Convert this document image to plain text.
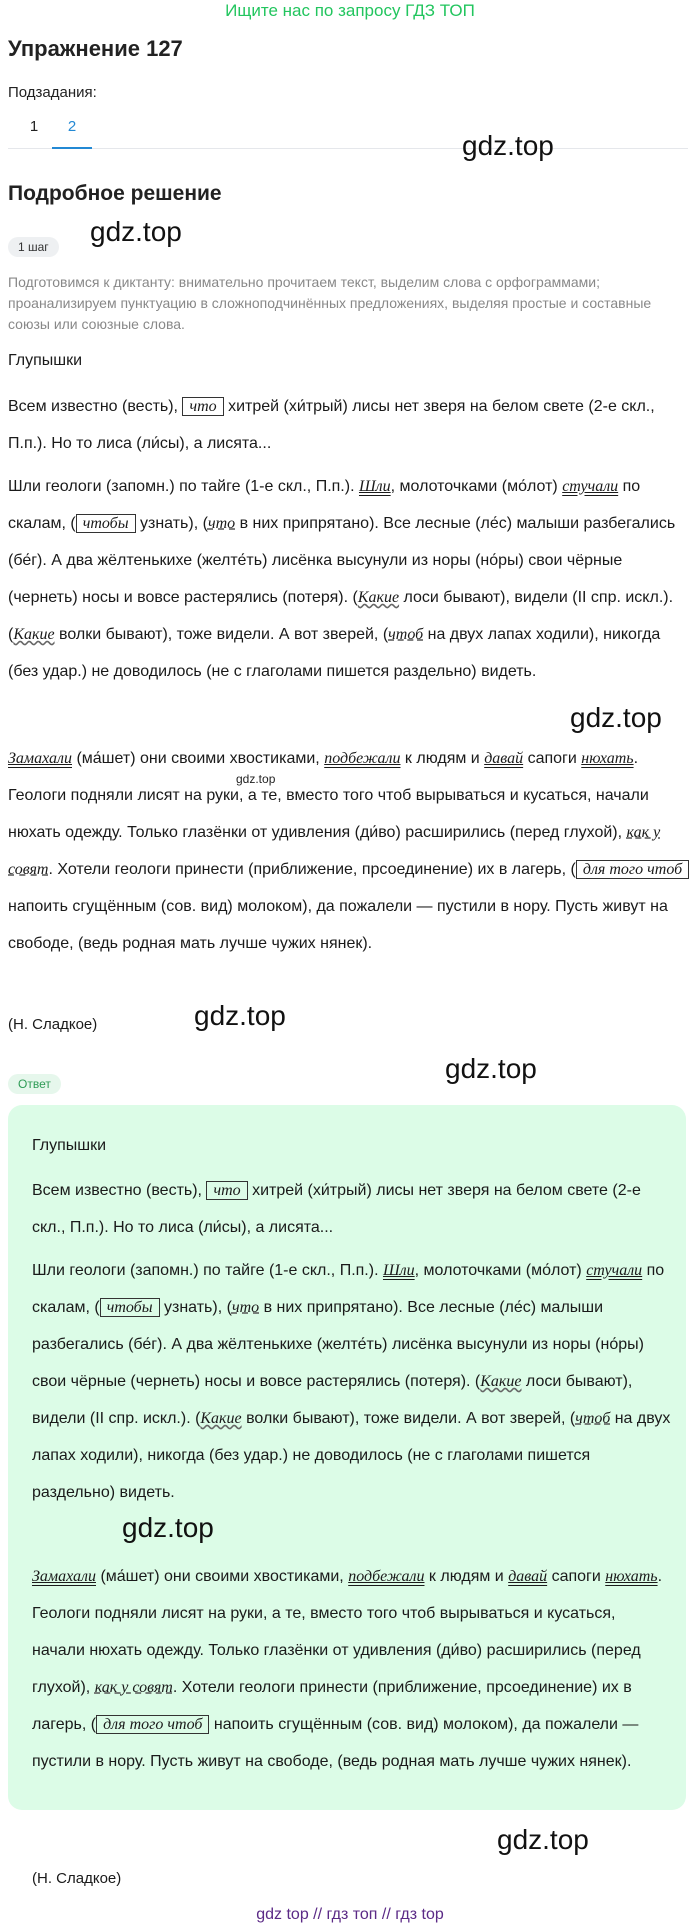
Ищите нас по запросу ГДЗ ТОП
Упражнение 127
Подзадания:
1	2
gdz.top
Подробное решение
1 шаг	gdz.top
Подготовимся к диктанту: внимательно прочитаем текст, выделим слова с орфограммами; проанализируем пунктуацию в сложноподчинённых предложениях, выделяя простые и составные союзы или союзные слова.
Глупышки
Всем известно (весть), что хитрей (хи́трый) лисы нет зверя на белом свете (2-е скл., П.п.). Но то лиса (ли́сы), а лисята...
Шли геологи (запомн.) по тайге (1-е скл., П.п.). Шли, молоточками (мо́лот) стучали по скалам, ( чтобы узнать), (что в них припрятано). Все лесные (ле́с) малыши разбегались (бе́г). А два жёлтенькихе (желте́ть) лисёнка высунули из норы (но́ры) свои чёрные (чернеть) носы и вовсе растерялись (потеря). (Какие лоси бывают), видели (II спр. искл.). (Какие волки бывают), тоже видели. А вот зверей, (чтоб на двух лапах ходили), никогда (без удар.) не доводилось (не с глаголами пишется раздельно) видеть.
gdz.top
Замахали (ма́шет) они своими хвостиками, подбежали к людям и давай сапоги нюхать. Геологи подняли лисят на руки, а те, вместо того чтоб вырываться и кусаться, начали нюхать одежду. Только глазёнки от удивления (ди́во) расширились (перед глухой), как у совят. Хотели геологи принести (приближение, прсоединение) их в лагерь, ( для того чтоб напоить сгущённым (сов. вид) молоком), да пожалели — пустили в нору. Пусть живут на свободе, (ведь родная мать лучше чужих нянек).
gdz.top
(Н. Сладкое)	gdz.top
gdz.top
Ответ
Глупышки
Всем известно (весть), что хитрей (хи́трый) лисы нет зверя на белом свете (2-е скл., П.п.). Но то лиса (ли́сы), а лисята...
Шли геологи (запомн.) по тайге (1-е скл., П.п.). Шли, молоточками (мо́лот) стучали по скалам, ( чтобы узнать), (что в них припрятано). Все лесные (ле́с) малыши разбегались (бе́г). А два жёлтенькихе (желте́ть) лисёнка высунули из норы (но́ры) свои чёрные (чернеть) носы и вовсе растерялись (потеря). (Какие лоси бывают), видели (II спр. искл.). (Какие волки бывают), тоже видели. А вот зверей, (чтоб на двух лапах ходили), никогда (без удар.) не доводилось (не с глаголами пишется раздельно) видеть.
gdz.top
Замахали (ма́шет) они своими хвостиками, подбежали к людям и давай сапоги нюхать. Геологи подняли лисят на руки, а те, вместо того чтоб вырываться и кусаться, начали нюхать одежду. Только глазёнки от удивления (ди́во) расширились (перед глухой), как у совят. Хотели геологи принести (приближение, прсоединение) их в лагерь, ( для того чтоб напоить сгущённым (сов. вид) молоком), да пожалели — пустили в нору. Пусть живут на свободе, (ведь родная мать лучше чужих нянек).
gdz.top
(Н. Сладкое)
gdz top // гдз топ // гдз top
